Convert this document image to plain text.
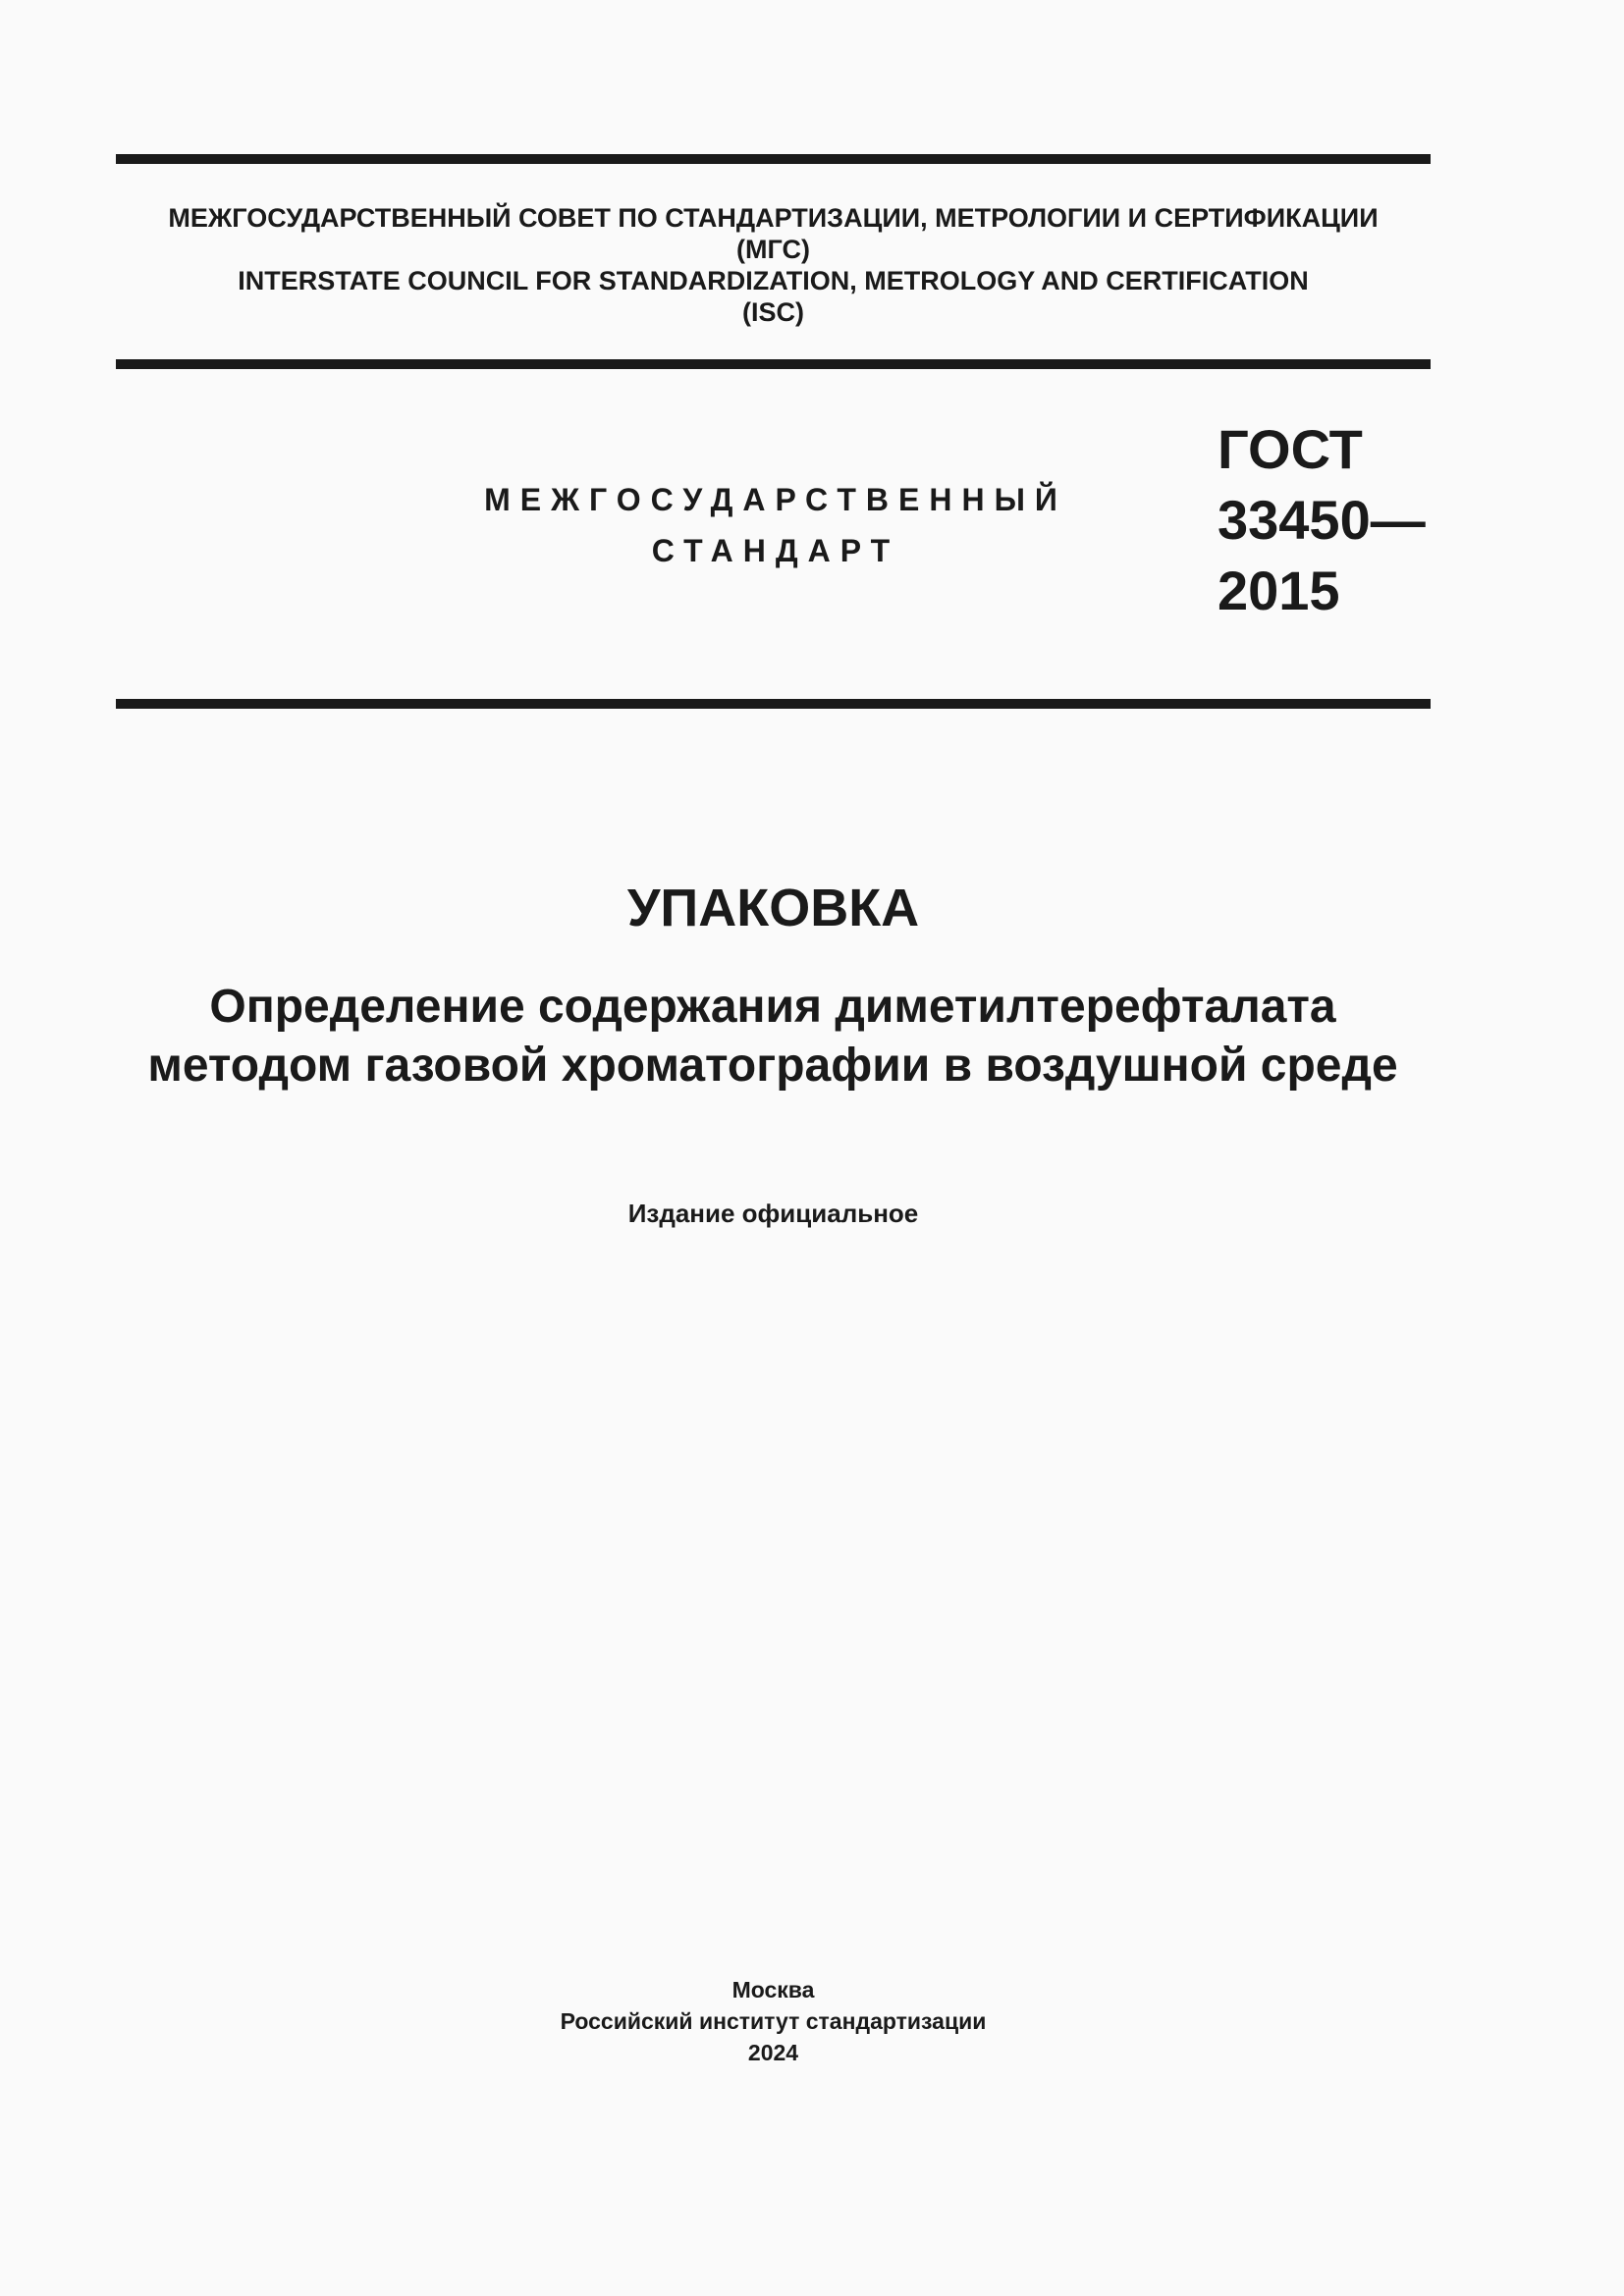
МЕЖГОСУДАРСТВЕННЫЙ СОВЕТ ПО СТАНДАРТИЗАЦИИ, МЕТРОЛОГИИ И СЕРТИФИКАЦИИ
(МГС)
INTERSTATE COUNCIL FOR STANDARDIZATION, METROLOGY AND CERTIFICATION
(ISC)
МЕЖГОСУДАРСТВЕННЫЙ
СТАНДАРТ
ГОСТ
33450—
2015
УПАКОВКА
Определение содержания диметилтерефталата
методом газовой хроматографии в воздушной среде
Издание официальное
Москва
Российский институт стандартизации
2024
